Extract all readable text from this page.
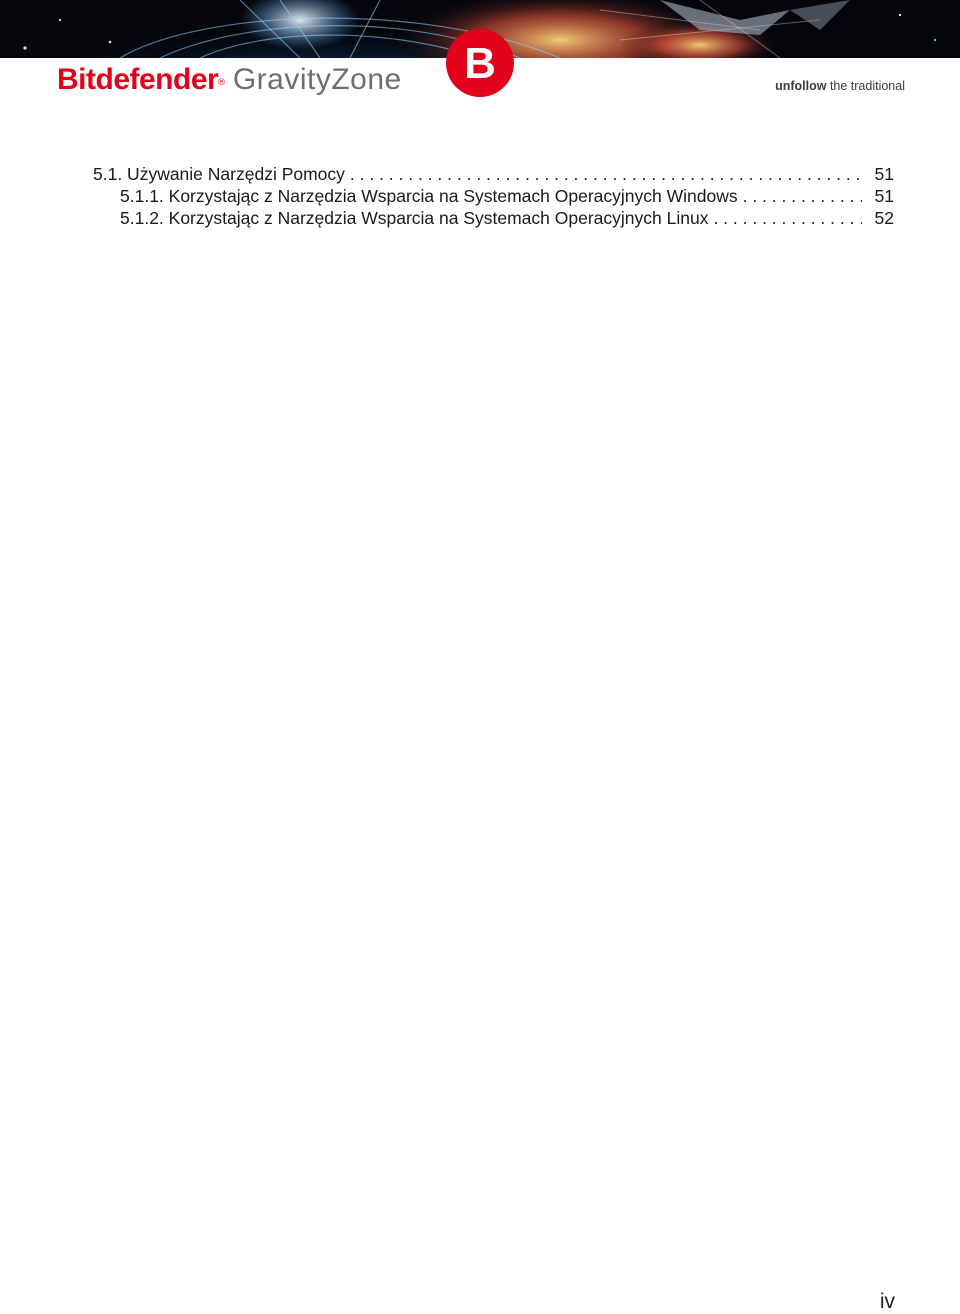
Bitdefender® GravityZone	unfollow the traditional
B
5.1. Używanie Narzędzi Pomocy . . .	51
5.1.1. Korzystając z Narzędzia Wsparcia na Systemach Operacyjnych Windows . . .	51
5.1.2. Korzystając z Narzędzia Wsparcia na Systemach Operacyjnych Linux . . .	52
iv
